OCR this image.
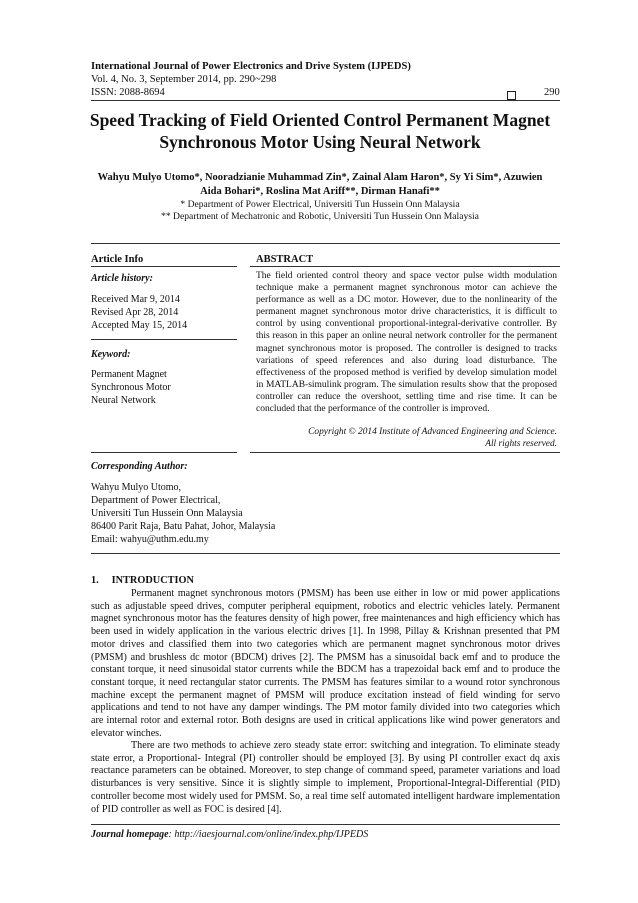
International Journal of Power Electronics and Drive System (IJPEDS)
Vol. 4, No. 3, September 2014, pp. 290~298
ISSN: 2088-8694	290
Speed Tracking of Field Oriented Control Permanent Magnet
Synchronous Motor Using Neural Network
Wahyu Mulyo Utomo*, Nooradzianie Muhammad Zin*, Zainal Alam Haron*, Sy Yi Sim*, Azuwien
Aida Bohari*, Roslina Mat Ariff**, Dirman Hanafi**
* Department of Power Electrical, Universiti Tun Hussein Onn Malaysia
** Department of Mechatronic and Robotic, Universiti Tun Hussein Onn Malaysia
Article Info	ABSTRACT
Article history:
Received Mar 9, 2014
Revised Apr 28, 2014
Accepted May 15, 2014
Keyword:
Permanent Magnet
Synchronous Motor
Neural Network
The field oriented control theory and space vector pulse width modulation technique make a permanent magnet synchronous motor can achieve the performance as well as a DC motor. However, due to the nonlinearity of the permanent magnet synchronous motor drive characteristics, it is difficult to control by using conventional proportional-integral-derivative controller. By this reason in this paper an online neural network controller for the permanent magnet synchronous motor is proposed. The controller is designed to tracks variations of speed references and also during load disturbance. The effectiveness of the proposed method is verified by develop simulation model in MATLAB-simulink program. The simulation results show that the proposed controller can reduce the overshoot, settling time and rise time. It can be concluded that the performance of the controller is improved.
Copyright © 2014 Institute of Advanced Engineering and Science.
All rights reserved.
Corresponding Author:
Wahyu Mulyo Utomo,
Department of Power Electrical,
Universiti Tun Hussein Onn Malaysia
86400 Parit Raja, Batu Pahat, Johor, Malaysia
Email: wahyu@uthm.edu.my
1.     INTRODUCTION
Permanent magnet synchronous motors (PMSM) has been use either in low or mid power applications such as adjustable speed drives, computer peripheral equipment, robotics and electric vehicles lately. Permanent magnet synchronous motor has the features density of high power, free maintenances and high efficiency which has been used in widely application in the various electric drives [1]. In 1998, Pillay & Krishnan presented that PM motor drives and classified them into two categories which are permanent magnet synchronous motor drives (PMSM) and brushless dc motor (BDCM) drives [2]. The PMSM has a sinusoidal back emf and to produce the constant torque, it need sinusoidal stator currents while the BDCM has a trapezoidal back emf and to produce the constant torque, it need rectangular stator currents. The PMSM has features similar to a wound rotor synchronous machine except the permanent magnet of PMSM will produce excitation instead of field winding for servo applications and tend to not have any damper windings. The PM motor family divided into two categories which are internal rotor and external rotor. Both designs are used in critical applications like wind power generators and elevator winches.
There are two methods to achieve zero steady state error: switching and integration. To eliminate steady state error, a Proportional- Integral (PI) controller should be employed [3]. By using PI controller exact dq axis reactance parameters can be obtained. Moreover, to step change of command speed, parameter variations and load disturbances is very sensitive. Since it is slightly simple to implement, Proportional-Integral-Differential (PID) controller become most widely used for PMSM. So, a real time self automated intelligent hardware implementation of PID controller as well as FOC is desired [4].
Journal homepage: http://iaesjournal.com/online/index.php/IJPEDS
